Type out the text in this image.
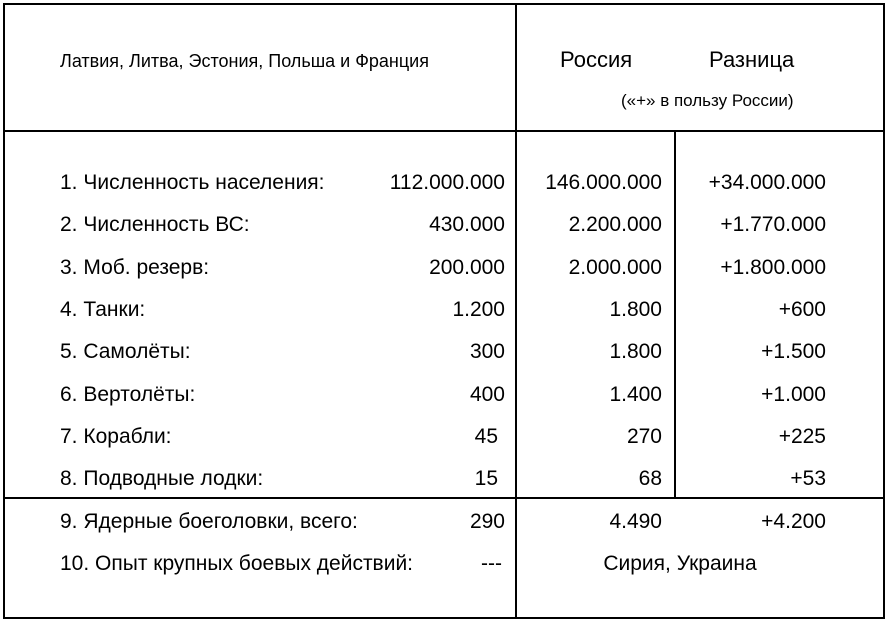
Латвия, Литва, Эстония, Польша и Франция	Россия	Разница
(«+» в пользу России)
1. Численность населения:	112.000.000	146.000.000	+34.000.000
2. Численность ВС:	430.000	2.200.000	+1.770.000
3. Моб. резерв:	200.000	2.000.000	+1.800.000
4. Танки:	1.200	1.800	+600
5. Самолёты:	300	1.800	+1.500
6. Вертолёты:	400	1.400	+1.000
7. Корабли:	45	270	+225
8. Подводные лодки:	15	68	+53
9. Ядерные боеголовки, всего:	290	4.490	+4.200
10. Опыт крупных боевых действий:	---	Сирия, Украина
